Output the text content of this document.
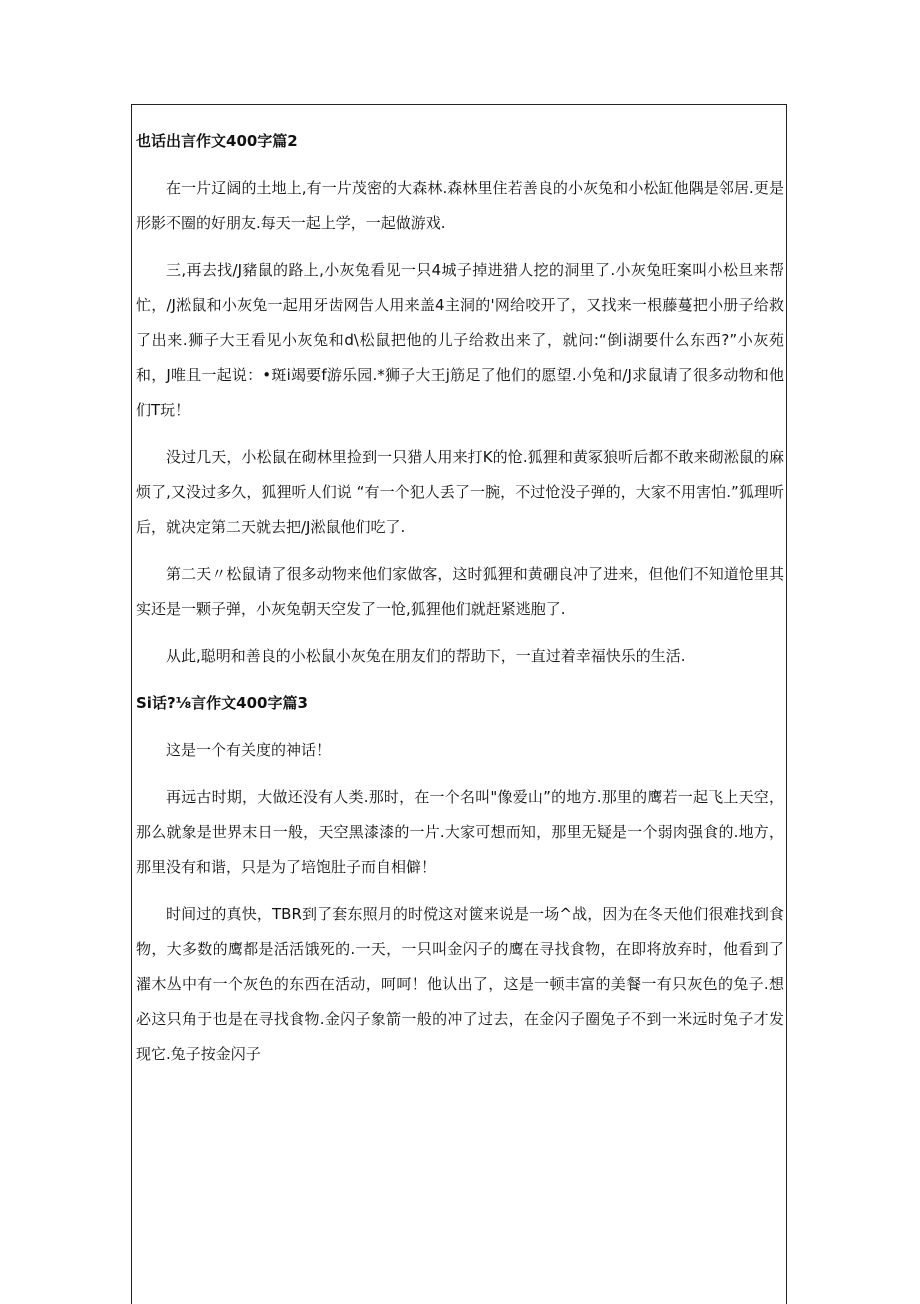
也话出言作文400字篇2

在一片辽阔的土地上,有一片茂密的大森林.森林里住若善良的小灰兔和小松缸他隅是邻居.更是形影不圈的好朋友.每天一起上学，一起做游戏.

三,再去找/J豬鼠的路上,小灰兔看见一只4城子掉进猎人挖的洞里了.小灰兔旺案叫小松旦来帮忙，/J淞鼠和小灰兔一起用牙齿网告人用来盖4主洞的'网给咬开了，又找来一根藤蔓把小册子给救了出来.狮子大王看见小灰兔和d\松鼠把他的儿子给救出来了，就问:“倒i湖要什么东西?”小灰苑和，J唯且一起说：•斑i竭要f游乐园.*狮子大王j筋足了他们的愿望.小兔和/J求鼠请了很多动物和他们T玩！

没过几天，小松鼠在砌林里捡到一只猎人用来打K的怆.狐狸和黄冢狼听后都不敢来砌淞鼠的麻烦了,又没过多久，狐狸听人们说 “有一个犯人丢了一腕，不过怆没子弹的，大家不用害怕.”狐理听后，就决定第二天就去把/J淞鼠他们吃了.

第二天〃松鼠请了很多动物来他们家做客，这时狐狸和黄硼良冲了进来，但他们不知道怆里其实还是一颗子弹，小灰兔朝天空发了一怆,狐狸他们就赶紧逃胞了.

从此,聪明和善良的小松鼠小灰兔在朋友们的帮助下，一直过着幸福快乐的生活.

Si话?⅛言作文400字篇3

这是一个有关度的神话！

再远古时期，大做还没有人类.那时，在一个名叫"像爱山”的地方.那里的鹰若一起飞上天空，那么就象是世界末日一般，天空黑漆漆的一片.大家可想而知，那里无疑是一个弱肉强食的.地方，那里没有和谐，只是为了培饱肚子而自相僻！

时间过的真快，TBR到了套东照月的时傥这对篋来说是一场^战，因为在冬天他们很难找到食物，大多数的鹰都是活活饿死的.一天，一只叫金闪子的鹰在寻找食物，在即将放弃时，他看到了濯木丛中有一个灰色的东西在活动，呵呵！他认出了，这是一顿丰富的美餐一有只灰色的兔子.想必这只角于也是在寻找食物.金闪子象箭一般的冲了过去，在金闪子圈兔子不到一米远时兔子才发现它.兔子按金闪子
